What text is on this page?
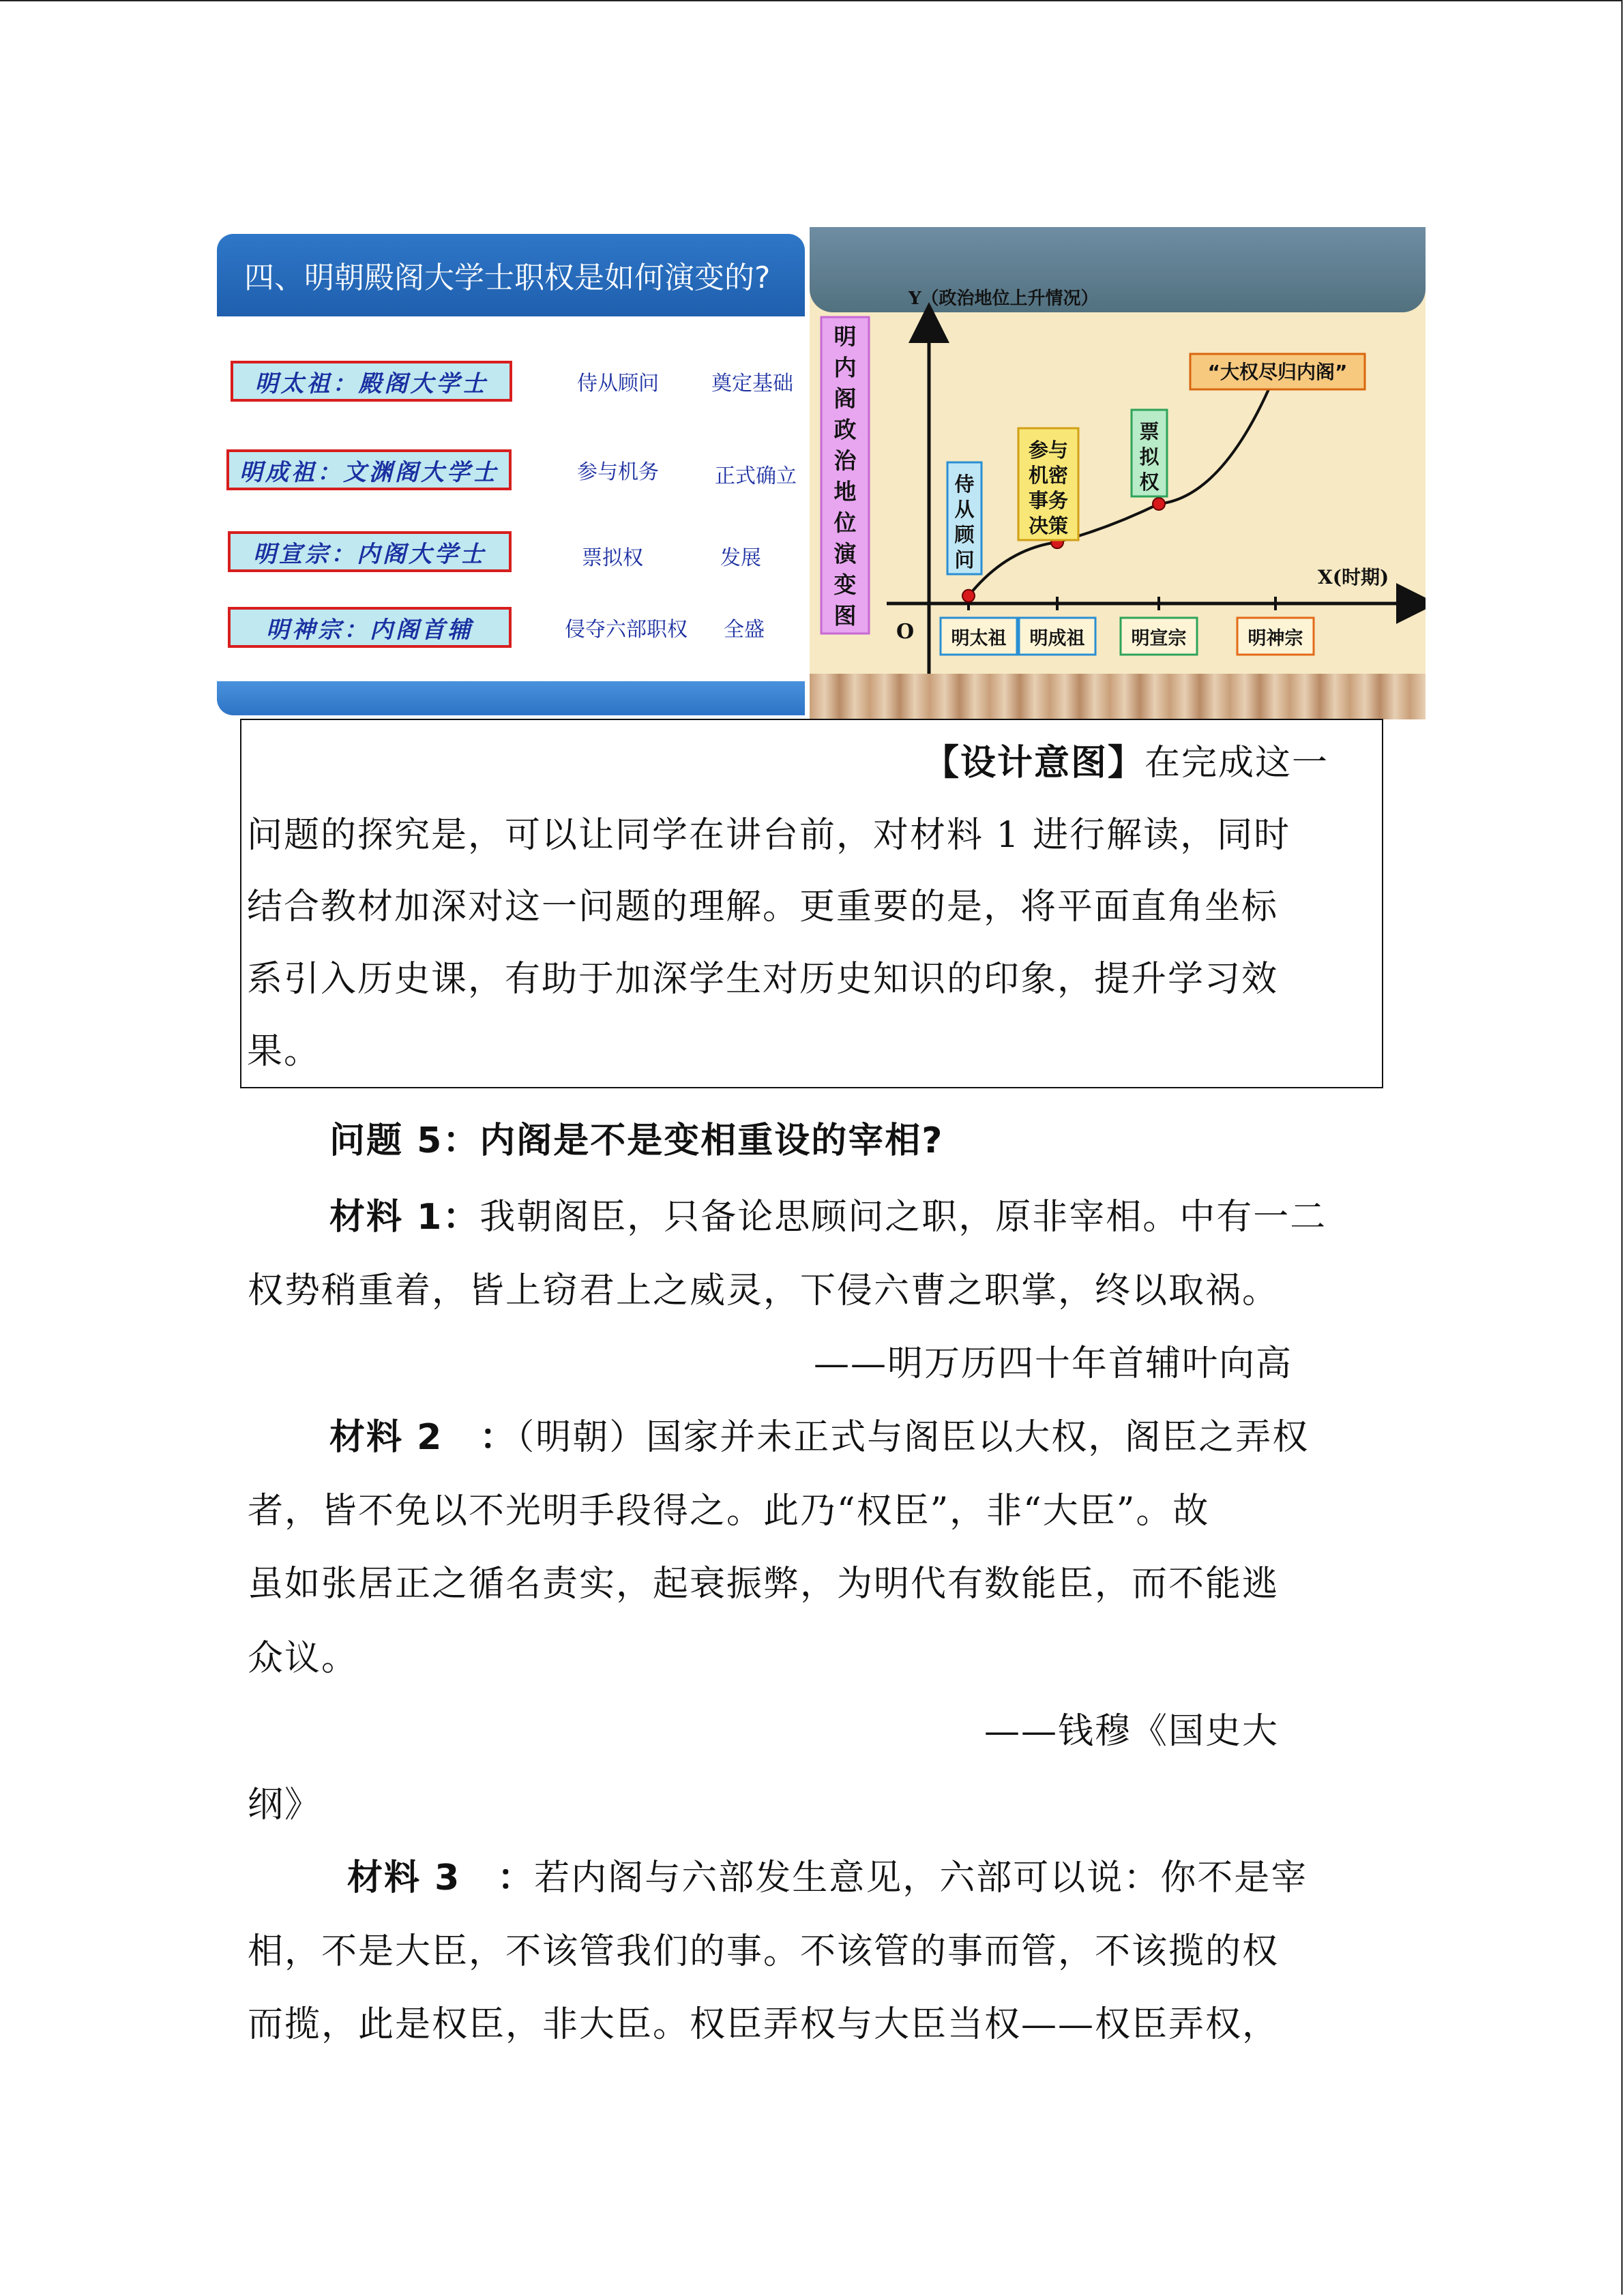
四、明朝殿阁大学士职权是如何演变的?
明太祖：殿阁大学士	侍从顾问	奠定基础
明成祖：文渊阁大学士	参与机务	正式确立
明宣宗：内阁大学士	票拟权	发展
明神宗：内阁首辅	侵夺六部职权 全盛
明内阁政治地位演变图
Y（政治地位上升情况）
X(时期)
O 明太祖 明成祖	明宣宗	明神宗
侍从顾问
参与机密事务决策
票拟权
“大权尽归内阁”
【设计意图】在完成这一
问题的探究是，可以让同学在讲台前，对材料 1 进行解读，同时
结合教材加深对这一问题的理解。更重要的是，将平面直角坐标
系引入历史课，有助于加深学生对历史知识的印象，提升学习效
果。
问题 5：内阁是不是变相重设的宰相?
材料 1：我朝阁臣，只备论思顾问之职，原非宰相。中有一二
权势稍重着，皆上窃君上之威灵，下侵六曹之职掌，终以取祸。
——明万历四十年首辅叶向高
材料 2　：（明朝）国家并未正式与阁臣以大权，阁臣之弄权
者，皆不免以不光明手段得之。此乃“权臣”，非“大臣”。故
虽如张居正之循名责实，起衰振弊，为明代有数能臣，而不能逃
众议。
——钱穆《国史大
纲》
材料 3　：若内阁与六部发生意见，六部可以说：你不是宰
相，不是大臣，不该管我们的事。不该管的事而管，不该揽的权
而揽，此是权臣，非大臣。权臣弄权与大臣当权——权臣弄权，
